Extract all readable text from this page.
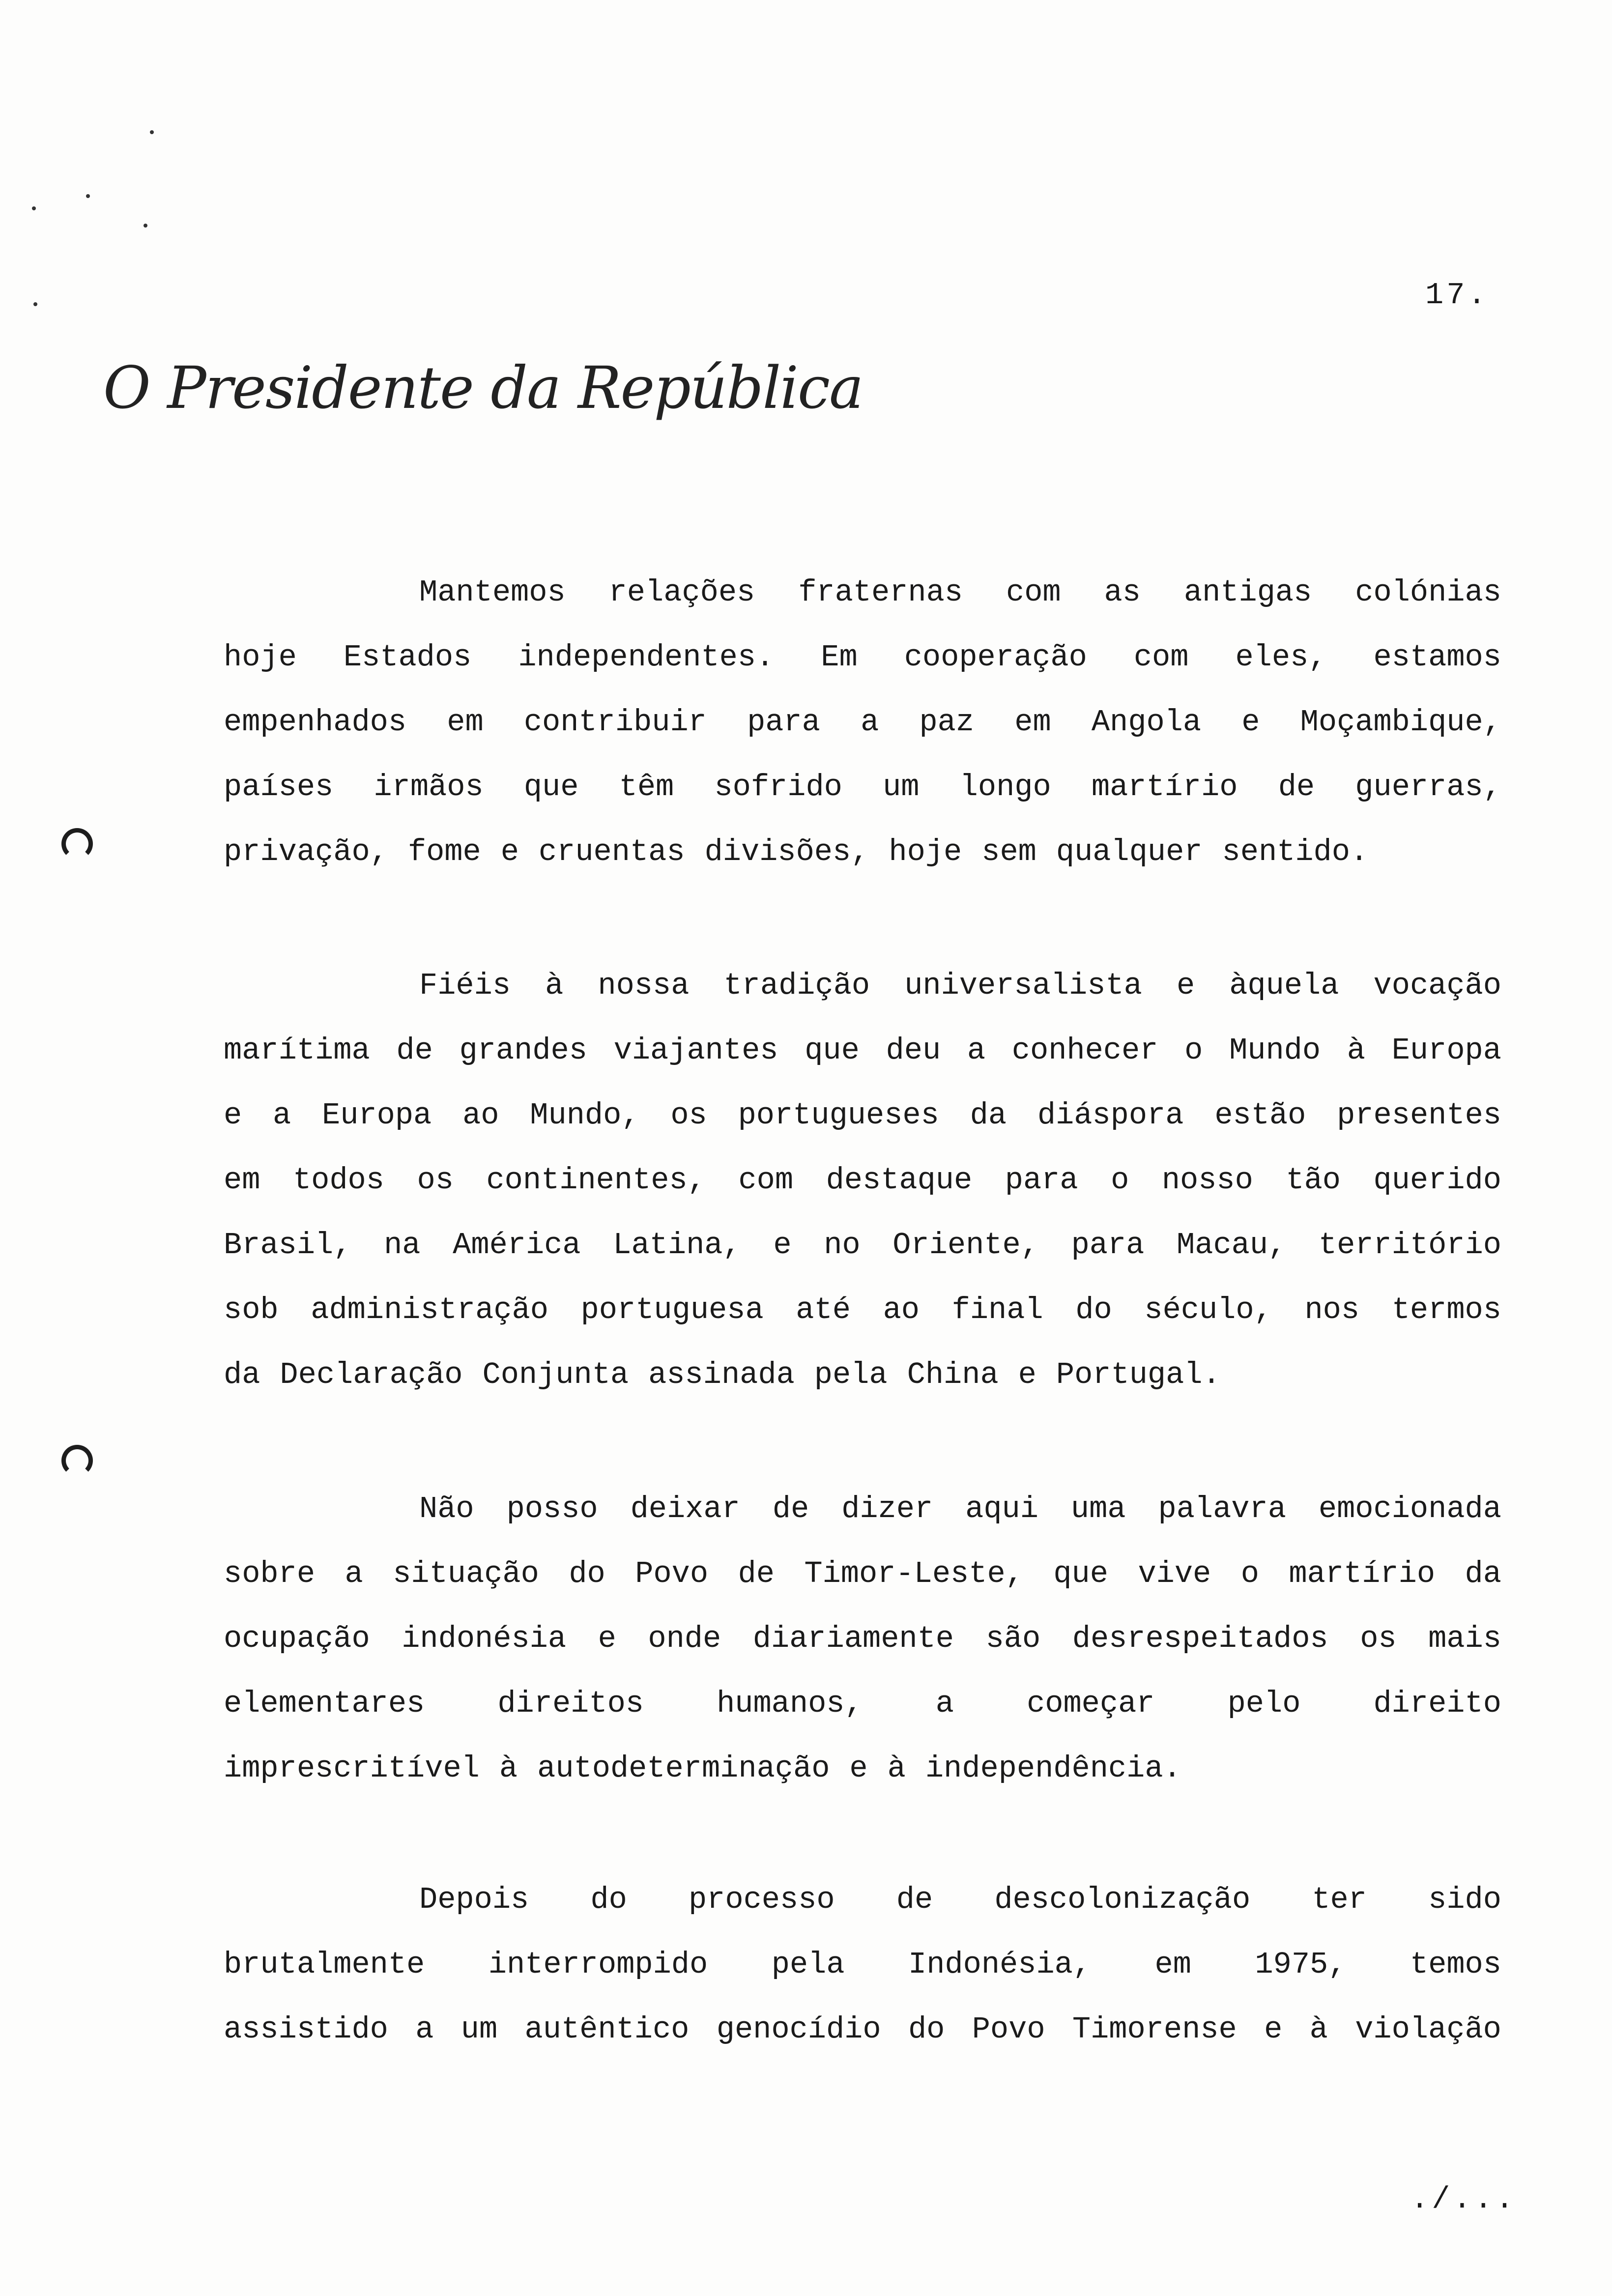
17.
O Presidente da República
Mantemos relações fraternas com as antigas colónias
hoje Estados independentes. Em cooperação com eles, estamos
empenhados em contribuir para a paz em Angola e Moçambique,
países irmãos que têm sofrido um longo martírio de guerras,
privação, fome e cruentas divisões, hoje sem qualquer sentido.
Fiéis à nossa tradição universalista e àquela vocação
marítima de grandes viajantes que deu a conhecer o Mundo à Europa
e a Europa ao Mundo, os portugueses da diáspora estão presentes
em todos os continentes, com destaque para o nosso tão querido
Brasil, na América Latina, e no Oriente, para Macau, território
sob administração portuguesa até ao final do século, nos termos
da Declaração Conjunta assinada pela China e Portugal.
Não posso deixar de dizer aqui uma palavra emocionada
sobre a situação do Povo de Timor-Leste, que vive o martírio da
ocupação indonésia e onde diariamente são desrespeitados os mais
elementares direitos humanos, a começar pelo direito
imprescritível à autodeterminação e à independência.
Depois do processo de descolonização ter sido
brutalmente interrompido pela Indonésia, em 1975, temos
assistido a um autêntico genocídio do Povo Timorense e à violação
./...
